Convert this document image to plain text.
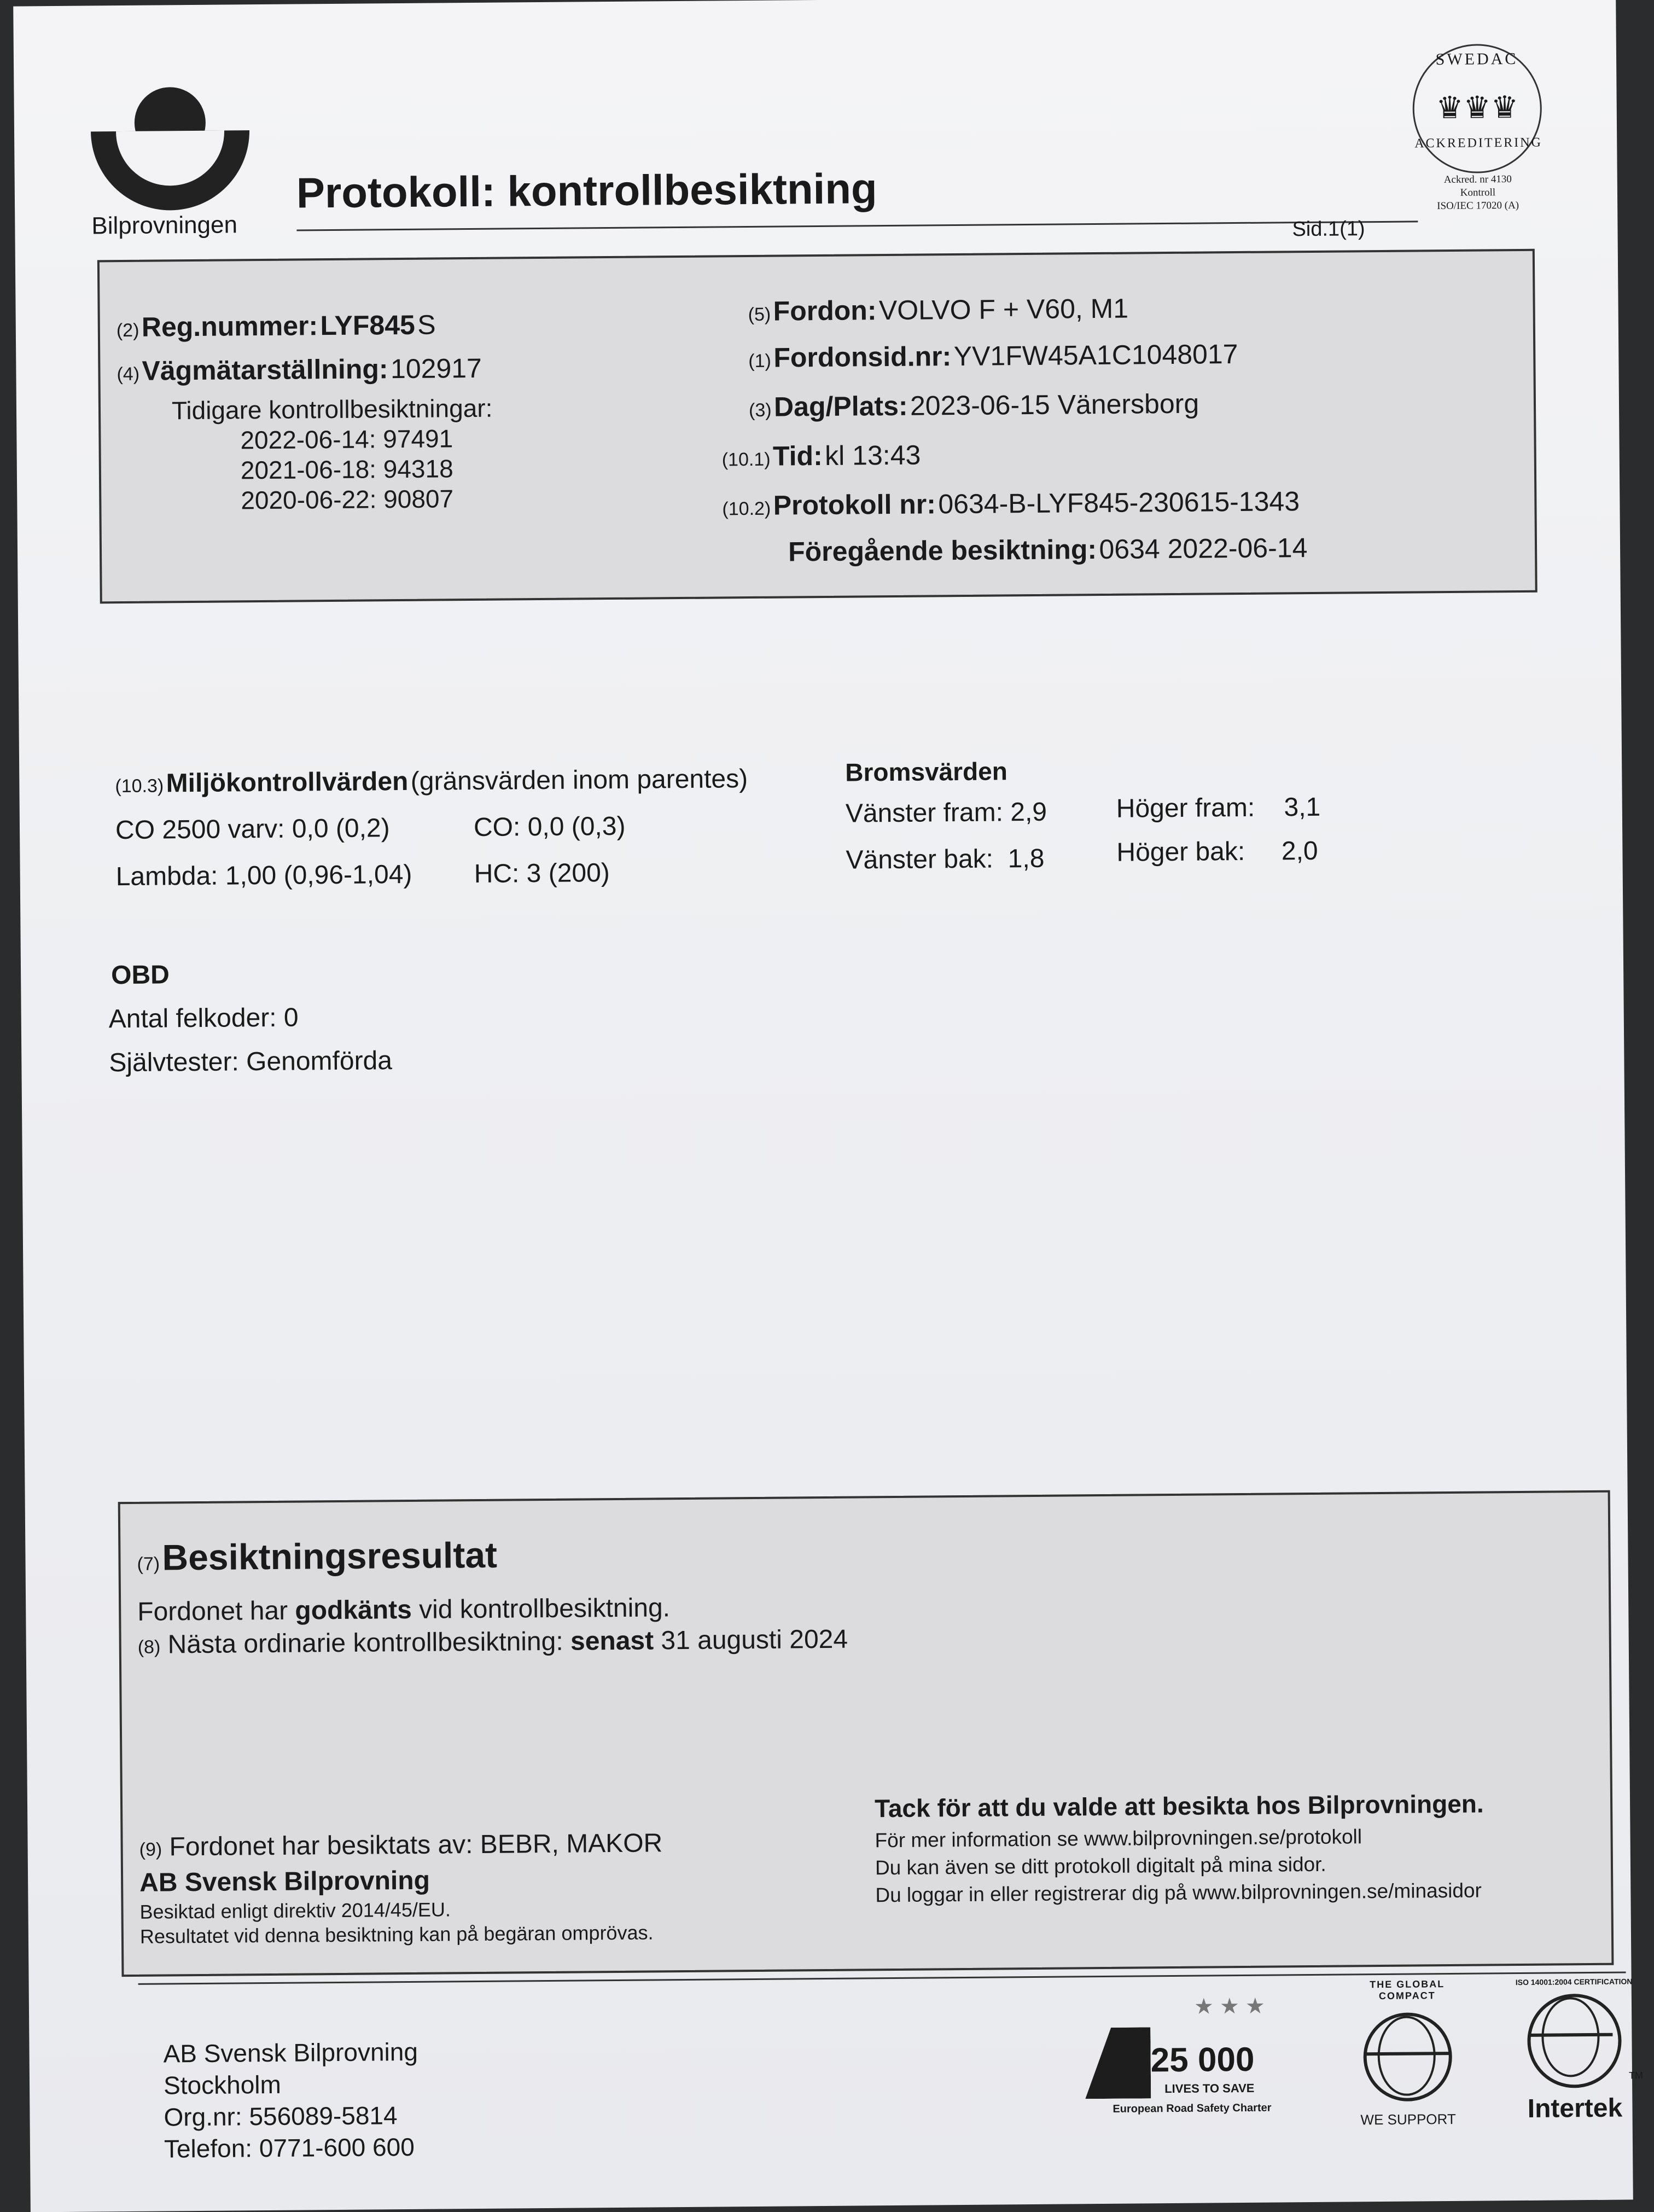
Bilprovningen
Protokoll: kontrollbesiktning
SWEDAC
♛♛♛
ACKREDITERING
Ackred. nr 4130
Kontroll
ISO/IEC 17020 (A)
Sid.1(1)
(2) Reg.nummer: LYF845 S
(4) Vägmätarställning: 102917
Tidigare kontrollbesiktningar:
2022-06-14: 97491
2021-06-18: 94318
2020-06-22: 90807
(5) Fordon: VOLVO F + V60, M1
(1) Fordonsid.nr: YV1FW45A1C1048017
(3) Dag/Plats: 2023-06-15 Vänersborg
(10.1) Tid: kl 13:43
(10.2) Protokoll nr: 0634-B-LYF845-230615-1343
Föregående besiktning: 0634 2022-06-14
(10.3) Miljökontrollvärden (gränsvärden inom parentes)
CO 2500 varv: 0,0 (0,2)	CO: 0,0 (0,3)
Lambda: 1,00 (0,96-1,04) HC: 3 (200)
Bromsvärden
Vänster fram: 2,9	Höger fram: 3,1
Vänster bak: 1,8	Höger bak: 2,0
OBD
Antal felkoder: 0
Självtester: Genomförda
(7) Besiktningsresultat
Fordonet har godkänts vid kontrollbesiktning.
(8) Nästa ordinarie kontrollbesiktning: senast 31 augusti 2024
(9) Fordonet har besiktats av: BEBR, MAKOR
AB Svensk Bilprovning
Besiktad enligt direktiv 2014/45/EU.
Resultatet vid denna besiktning kan på begäran omprövas.
Tack för att du valde att besikta hos Bilprovningen.
För mer information se www.bilprovningen.se/protokoll
Du kan även se ditt protokoll digitalt på mina sidor.
Du loggar in eller registrerar dig på www.bilprovningen.se/minasidor
AB Svensk Bilprovning
Stockholm
Org.nr: 556089-5814
Telefon: 0771-600 600
★ ★ ★
25 000
LIVES TO SAVE
European Road Safety Charter
THE GLOBAL COMPACT
WE SUPPORT
ISO 14001:2004 CERTIFICATION
TM
Intertek
